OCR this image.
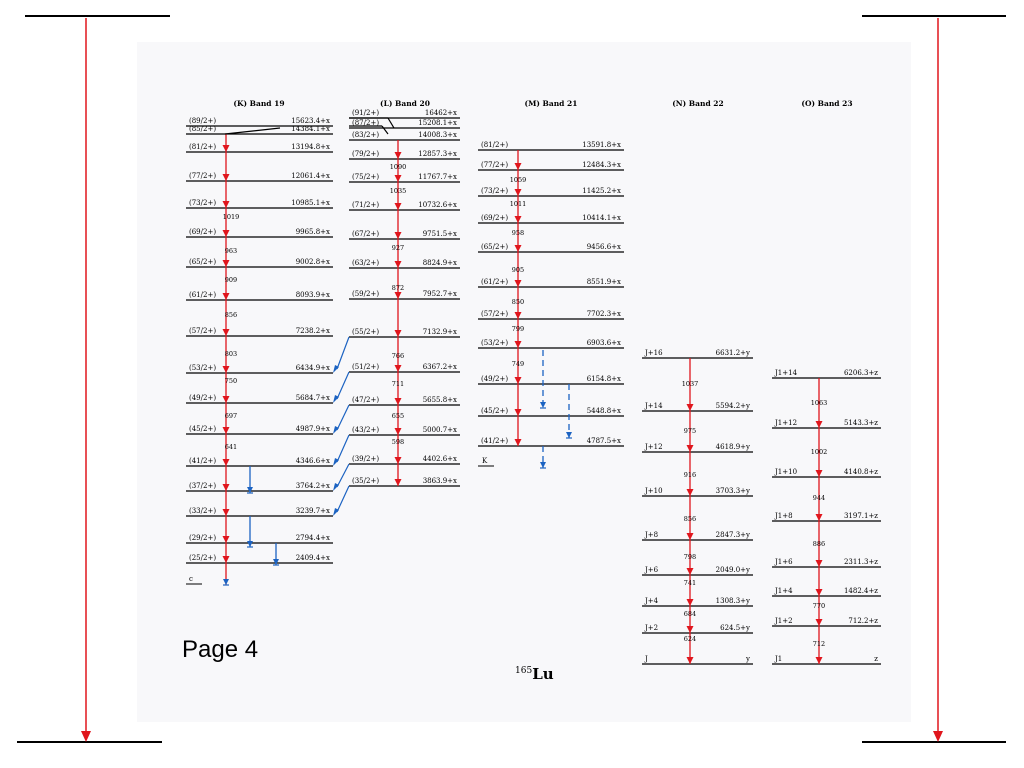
(K) Band 19
(89/2+)	15623.4+x
(85/2+)	14384.1+x
(81/2+)	13194.8+x
(77/2+)	12061.4+x
(73/2+)	10985.1+x
(69/2+)	9965.8+x
(65/2+)	9002.8+x
(61/2+)	8093.9+x
(57/2+)	7238.2+x
(53/2+)	6434.9+x
(49/2+)	5684.7+x
(45/2+)	4987.9+x
(41/2+)	4346.6+x
(37/2+)	3764.2+x
(33/2+)	3239.7+x
(29/2+)	2794.4+x
(25/2+)	2409.4+x
(L) Band 20
(91/2+)	16462+x
(87/2+)	15208.1+x
(83/2+)	14008.3+x
(79/2+)	12857.3+x
(75/2+)	11767.7+x
(71/2+)	10732.6+x
(67/2+)	9751.5+x
(63/2+)	8824.9+x
(59/2+)	7952.7+x
(55/2+)	7132.9+x
(51/2+)	6367.2+x
(47/2+)	5655.8+x
(43/2+)	5000.7+x
(39/2+)	4402.6+x
(35/2+)	3863.9+x
(M) Band 21
(81/2+)	13591.8+x
(77/2+)	12484.3+x
(73/2+)	11425.2+x
(69/2+)	10414.1+x
(65/2+)	9456.6+x
(61/2+)	8551.9+x
(57/2+)	7702.3+x
(53/2+)	6903.6+x
(49/2+)	6154.8+x
(45/2+)	5448.8+x
(41/2+)	4787.5+x
(N) Band 22
J+16	6631.2+y
J+14	5594.2+y
J+12	4618.9+y
J+10	3703.3+y
J+8	2847.3+y
J+6	2049.0+y
J+4	1308.3+y
J+2	624.5+y
J	y
(O) Band 23
J1+14	6206.3+z
J1+12	5143.3+z
J1+10	4140.8+z
J1+8	3197.1+z
J1+6	2311.3+z
J1+4	1482.4+z
J1+2	712.2+z
J1	z
1019
963
909
856
803
750
697
641
1090
1035
927
872
766
711
655
598
1059
1011
958
905
850
799
749
1037
975
916
856
798
741
684
624
1063
1002
944
886
770
712
c
K
Page 4
$^{165}$Lu
